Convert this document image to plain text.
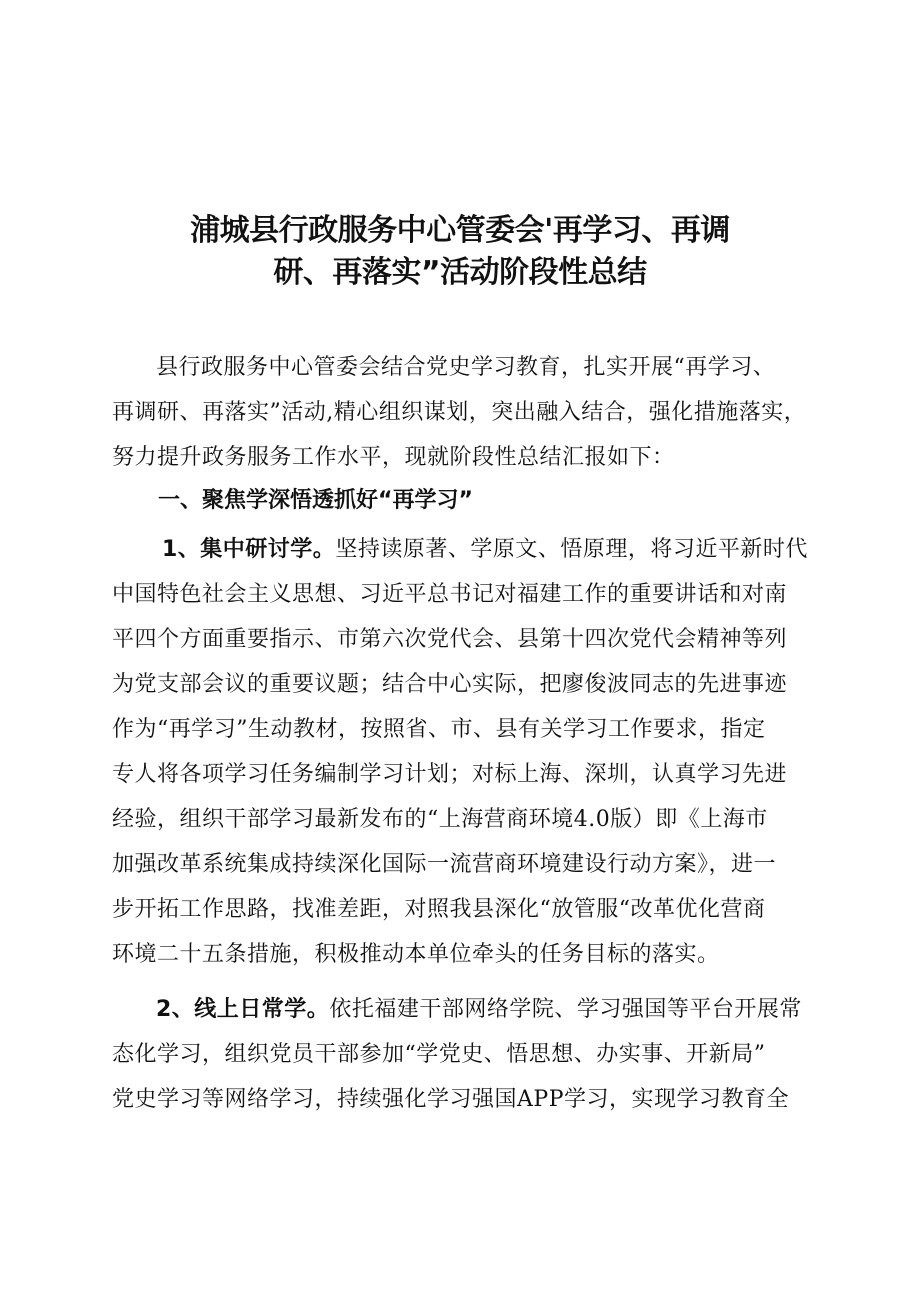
浦城县行政服务中心管委会'再学习、再调
研、再落实”活动阶段性总结
县行政服务中心管委会结合党史学习教育，扎实开展“再学习、
再调研、再落实”活动,精心组织谋划，突出融入结合，强化措施落实，
努力提升政务服务工作水平，现就阶段性总结汇报如下：
一、聚焦学深悟透抓好“再学习”
1、集中研讨学。坚持读原著、学原文、悟原理，将习近平新时代
中国特色社会主义思想、习近平总书记对福建工作的重要讲话和对南
平四个方面重要指示、市第六次党代会、县第十四次党代会精神等列
为党支部会议的重要议题；结合中心实际，把廖俊波同志的先进事迹
作为“再学习”生动教材，按照省、市、县有关学习工作要求，指定
专人将各项学习任务编制学习计划；对标上海、深圳，认真学习先进
经验，组织干部学习最新发布的“上海营商环境4.0版）即《上海市
加强改革系统集成持续深化国际一流营商环境建设行动方案》，进一
步开拓工作思路，找准差距，对照我县深化“放管服“改革优化营商
环境二十五条措施，积极推动本单位牵头的任务目标的落实。
2、线上日常学。依托福建干部网络学院、学习强国等平台开展常
态化学习，组织党员干部参加“学党史、悟思想、办实事、开新局”
党史学习等网络学习，持续强化学习强国APP学习，实现学习教育全
